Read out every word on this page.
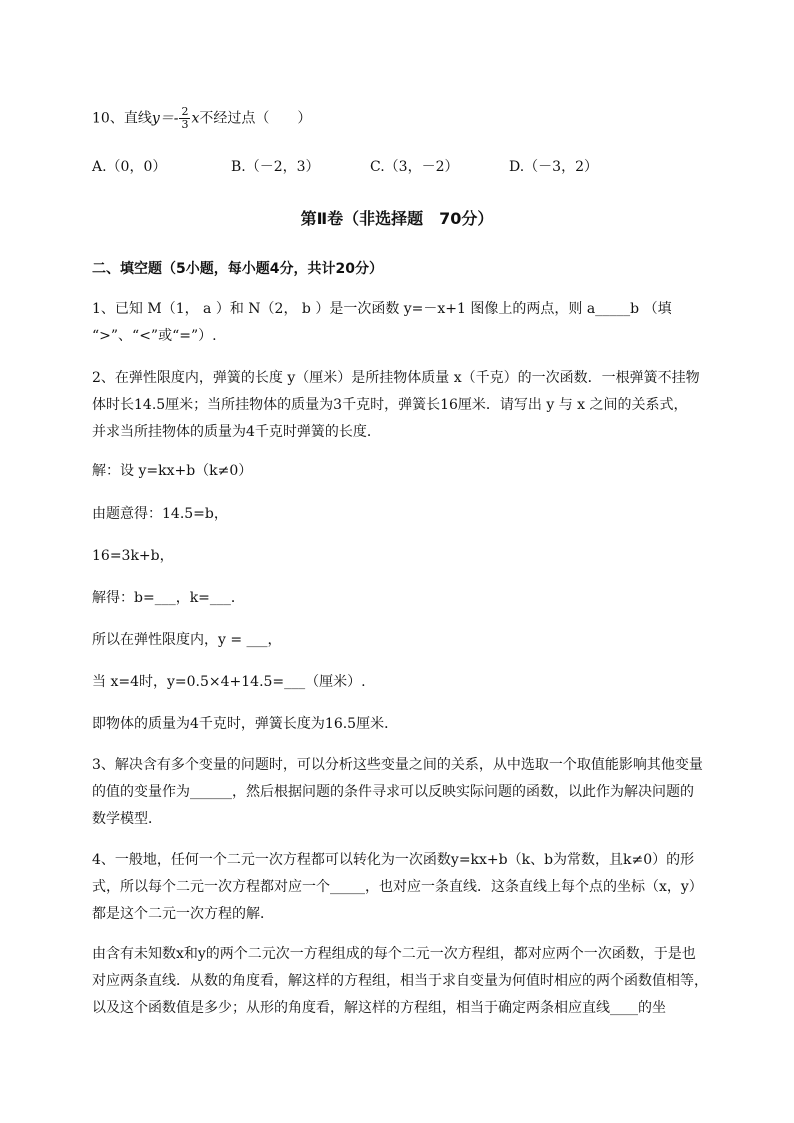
10、直线$y=- \frac{2}{3}$ x不经过点（　　）
A.（0，0）	B.（－2，3）	C.（3，－2）	D.（－3，2）
第Ⅱ卷（非选择题　70分）
二、填空题（5小题，每小题4分，共计20分）
1、已知 M（1， a ）和 N（2， b ）是一次函数 y=－x+1 图像上的两点，则 a_____b （填
“>”、“<”或“=”）.
2、在弹性限度内，弹簧的长度 y（厘米）是所挂物体质量 x（千克）的一次函数．一根弹簧不挂物
体时长14.5厘米；当所挂物体的质量为3千克时，弹簧长16厘米．请写出 y 与 x 之间的关系式，
并求当所挂物体的质量为4千克时弹簧的长度．
解：设 y=kx+b（k≠0）
由题意得：14.5=b，
16=3k+b，
解得：b=___，k=___．
所以在弹性限度内，y = ___，
当 x=4时，y=0.5×4+14.5=___（厘米）.
即物体的质量为4千克时，弹簧长度为16.5厘米．
3、解决含有多个变量的问题时，可以分析这些变量之间的关系，从中选取一个取值能影响其他变量
的值的变量作为______，然后根据问题的条件寻求可以反映实际问题的函数，以此作为解决问题的
数学模型．
4、一般地，任何一个二元一次方程都可以转化为一次函数y=kx+b（k、b为常数，且k≠0）的形
式，所以每个二元一次方程都对应一个_____，也对应一条直线．这条直线上每个点的坐标（x，y）
都是这个二元一次方程的解．
由含有未知数x和y的两个二元次一方程组成的每个二元一次方程组，都对应两个一次函数，于是也
对应两条直线．从数的角度看，解这样的方程组，相当于求自变量为何值时相应的两个函数值相等，
以及这个函数值是多少；从形的角度看，解这样的方程组，相当于确定两条相应直线____的坐
